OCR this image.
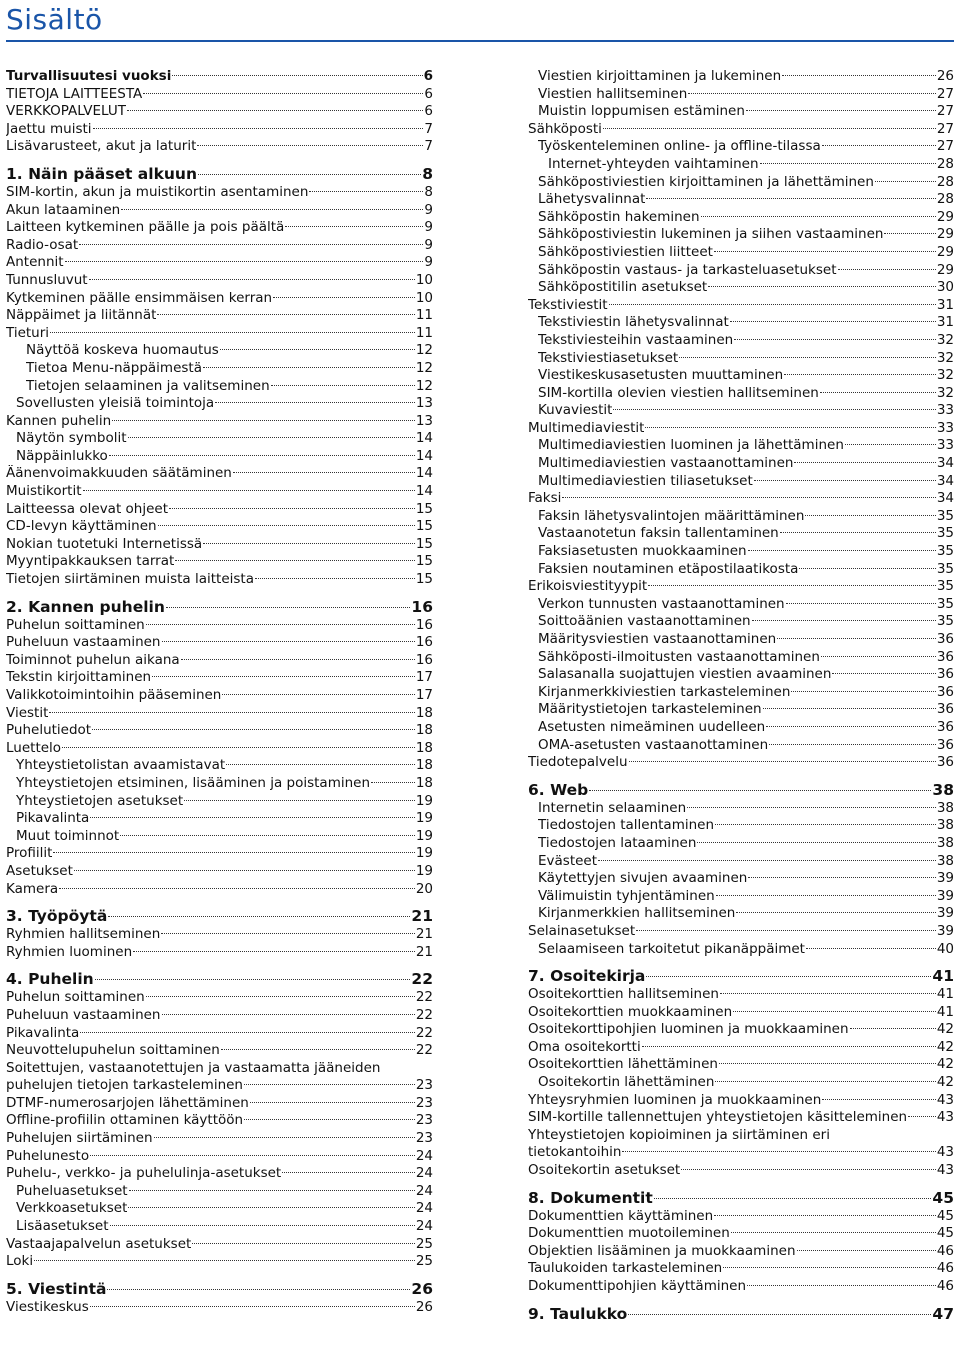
Sisältö
Turvallisuutesi vuoksi	6
TIETOJA LAITTEESTA	6
VERKKOPALVELUT	6
Jaettu muisti	7
Lisävarusteet, akut ja laturit	7
1. Näin pääset alkuun	8
SIM-kortin, akun ja muistikortin asentaminen	8
Akun lataaminen	9
Laitteen kytkeminen päälle ja pois päältä	9
Radio-osat	9
Antennit	9
Tunnusluvut	10
Kytkeminen päälle ensimmäisen kerran	10
Näppäimet ja liitännät	11
Tieturi	11
Näyttöä koskeva huomautus	12
Tietoa Menu-näppäimestä	12
Tietojen selaaminen ja valitseminen	12
Sovellusten yleisiä toimintoja	13
Kannen puhelin	13
Näytön symbolit	14
Näppäinlukko	14
Äänenvoimakkuuden säätäminen	14
Muistikortit	14
Laitteessa olevat ohjeet	15
CD-levyn käyttäminen	15
Nokian tuotetuki Internetissä	15
Myyntipakkauksen tarrat	15
Tietojen siirtäminen muista laitteista	15
2. Kannen puhelin	16
Puhelun soittaminen	16
Puheluun vastaaminen	16
Toiminnot puhelun aikana	16
Tekstin kirjoittaminen	17
Valikkotoimintoihin pääseminen	17
Viestit	18
Puhelutiedot	18
Luettelo	18
Yhteystietolistan avaamistavat	18
Yhteystietojen etsiminen, lisääminen ja poistaminen	18
Yhteystietojen asetukset	19
Pikavalinta	19
Muut toiminnot	19
Profiilit	19
Asetukset	19
Kamera	20
3. Työpöytä	21
Ryhmien hallitseminen	21
Ryhmien luominen	21
4. Puhelin	22
Puhelun soittaminen	22
Puheluun vastaaminen	22
Pikavalinta	22
Neuvottelupuhelun soittaminen	22
Soitettujen, vastaanotettujen ja vastaamatta jääneiden
puhelujen tietojen tarkasteleminen	23
DTMF-numerosarjojen lähettäminen	23
Offline-profiilin ottaminen käyttöön	23
Puhelujen siirtäminen	23
Puhelunesto	24
Puhelu-, verkko- ja puhelulinja-asetukset	24
Puheluasetukset	24
Verkkoasetukset	24
Lisäasetukset	24
Vastaajapalvelun asetukset	25
Loki	25
5. Viestintä	26
Viestikeskus	26
Viestien kirjoittaminen ja lukeminen	26
Viestien hallitseminen	27
Muistin loppumisen estäminen	27
Sähköposti	27
Työskenteleminen online- ja offline-tilassa	27
Internet-yhteyden vaihtaminen	28
Sähköpostiviestien kirjoittaminen ja lähettäminen	28
Lähetysvalinnat	28
Sähköpostin hakeminen	29
Sähköpostiviestin lukeminen ja siihen vastaaminen	29
Sähköpostiviestien liitteet	29
Sähköpostin vastaus- ja tarkasteluasetukset	29
Sähköpostitilin asetukset	30
Tekstiviestit	31
Tekstiviestin lähetysvalinnat	31
Tekstiviesteihin vastaaminen	32
Tekstiviestiasetukset	32
Viestikeskusasetusten muuttaminen	32
SIM-kortilla olevien viestien hallitseminen	32
Kuvaviestit	33
Multimediaviestit	33
Multimediaviestien luominen ja lähettäminen	33
Multimediaviestien vastaanottaminen	34
Multimediaviestien tiliasetukset	34
Faksi	34
Faksin lähetysvalintojen määrittäminen	35
Vastaanotetun faksin tallentaminen	35
Faksiasetusten muokkaaminen	35
Faksien noutaminen etäpostilaatikosta	35
Erikoisviestityypit	35
Verkon tunnusten vastaanottaminen	35
Soittoäänien vastaanottaminen	35
Määritysviestien vastaanottaminen	36
Sähköposti-ilmoitusten vastaanottaminen	36
Salasanalla suojattujen viestien avaaminen	36
Kirjanmerkkiviestien tarkasteleminen	36
Määritystietojen tarkasteleminen	36
Asetusten nimeäminen uudelleen	36
OMA-asetusten vastaanottaminen	36
Tiedotepalvelu	36
6. Web	38
Internetin selaaminen	38
Tiedostojen tallentaminen	38
Tiedostojen lataaminen	38
Evästeet	38
Käytettyjen sivujen avaaminen	39
Välimuistin tyhjentäminen	39
Kirjanmerkkien hallitseminen	39
Selainasetukset	39
Selaamiseen tarkoitetut pikanäppäimet	40
7. Osoitekirja	41
Osoitekorttien hallitseminen	41
Osoitekorttien muokkaaminen	41
Osoitekorttipohjien luominen ja muokkaaminen	42
Oma osoitekortti	42
Osoitekorttien lähettäminen	42
Osoitekortin lähettäminen	42
Yhteysryhmien luominen ja muokkaaminen	43
SIM-kortille tallennettujen yhteystietojen käsitteleminen 43
Yhteystietojen kopioiminen ja siirtäminen eri
tietokantoihin	43
Osoitekortin asetukset	43
8. Dokumentit	45
Dokumenttien käyttäminen	45
Dokumenttien muotoileminen	45
Objektien lisääminen ja muokkaaminen	46
Taulukoiden tarkasteleminen	46
Dokumenttipohjien käyttäminen	46
9. Taulukko	47
